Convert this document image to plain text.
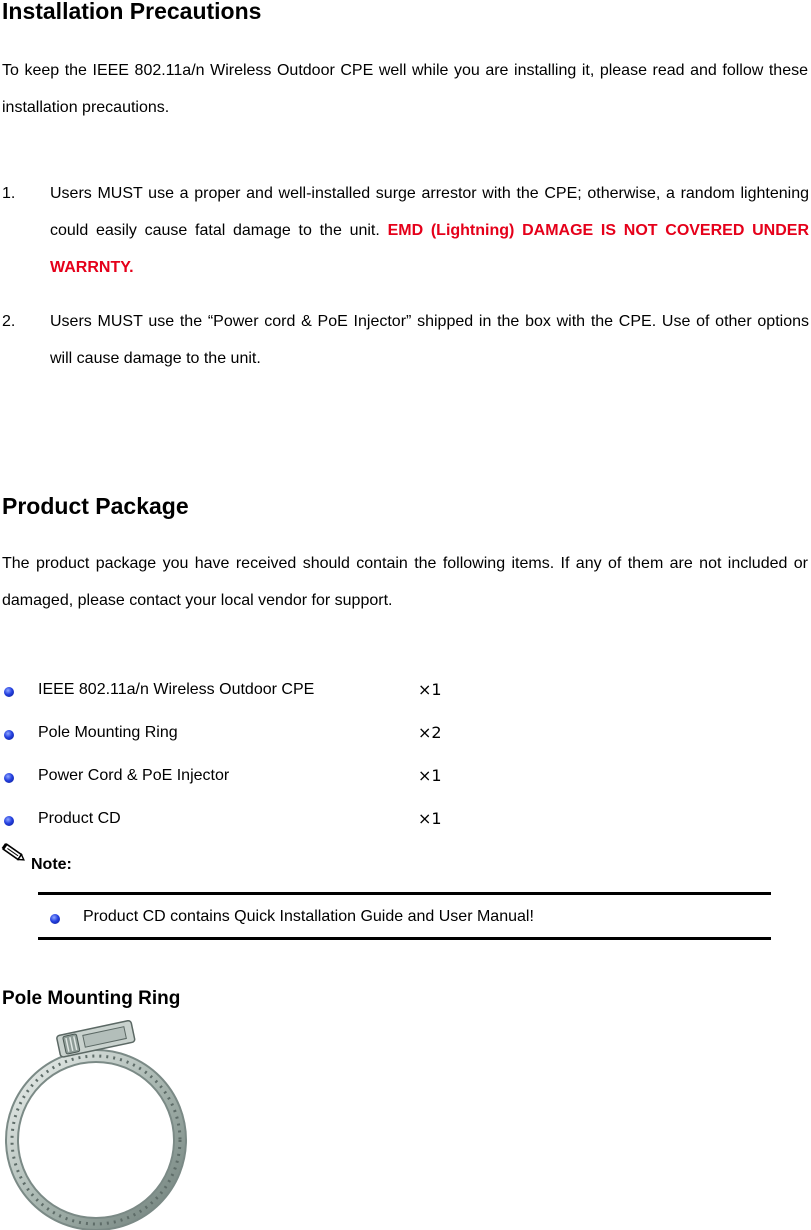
Installation Precautions
To keep the IEEE 802.11a/n Wireless Outdoor CPE well while you are installing it, please read and follow these installation precautions.
1. Users MUST use a proper and well-installed surge arrestor with the CPE; otherwise, a random lightening could easily cause fatal damage to the unit. EMD (Lightning) DAMAGE IS NOT COVERED UNDER WARRNTY.
2. Users MUST use the “Power cord & PoE Injector” shipped in the box with the CPE. Use of other options will cause damage to the unit.
Product Package
The product package you have received should contain the following items. If any of them are not included or damaged, please contact your local vendor for support.
IEEE 802.11a/n Wireless Outdoor CPE	×1
Pole Mounting Ring	×2
Power Cord & PoE Injector	×1
Product CD	×1
Note:
Product CD contains Quick Installation Guide and User Manual!
Pole Mounting Ring
